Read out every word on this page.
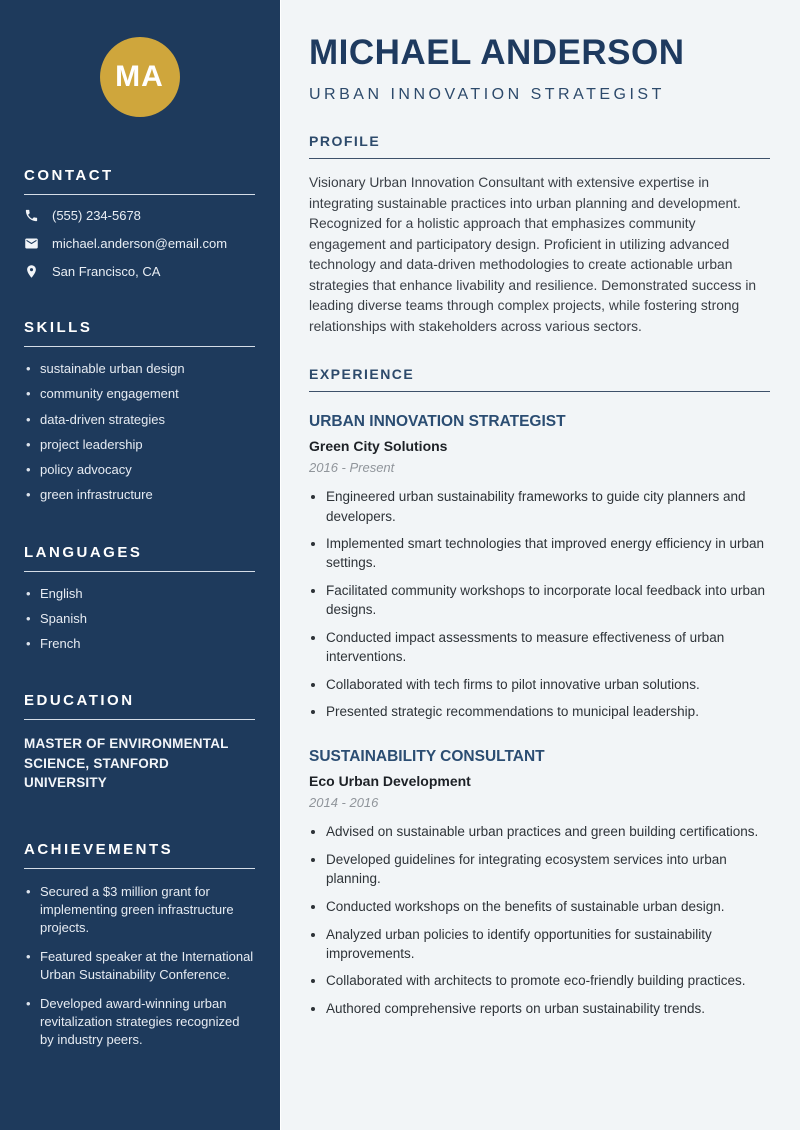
MA
CONTACT
(555) 234-5678
michael.anderson@email.com
San Francisco, CA
SKILLS
• sustainable urban design
• community engagement
• data-driven strategies
• project leadership
• policy advocacy
• green infrastructure
LANGUAGES
• English
• Spanish
• French
EDUCATION
MASTER OF ENVIRONMENTAL SCIENCE, STANFORD UNIVERSITY
ACHIEVEMENTS
• Secured a $3 million grant for implementing green infrastructure projects.
• Featured speaker at the International Urban Sustainability Conference.
• Developed award-winning urban revitalization strategies recognized by industry peers.
MICHAEL ANDERSON
URBAN INNOVATION STRATEGIST
PROFILE

Visionary Urban Innovation Consultant with extensive expertise in integrating sustainable practices into urban planning and development. Recognized for a holistic approach that emphasizes community engagement and participatory design. Proficient in utilizing advanced technology and data-driven methodologies to create actionable urban strategies that enhance livability and resilience. Demonstrated success in leading diverse teams through complex projects, while fostering strong relationships with stakeholders across various sectors.

EXPERIENCE
URBAN INNOVATION STRATEGIST
Green City Solutions
2016 - Present
• Engineered urban sustainability frameworks to guide city planners and developers.
• Implemented smart technologies that improved energy efficiency in urban settings.
• Facilitated community workshops to incorporate local feedback into urban designs.
• Conducted impact assessments to measure effectiveness of urban interventions.
• Collaborated with tech firms to pilot innovative urban solutions.
• Presented strategic recommendations to municipal leadership.
SUSTAINABILITY CONSULTANT
Eco Urban Development
2014 - 2016
• Advised on sustainable urban practices and green building certifications.
• Developed guidelines for integrating ecosystem services into urban planning.
• Conducted workshops on the benefits of sustainable urban design.
• Analyzed urban policies to identify opportunities for sustainability improvements.
• Collaborated with architects to promote eco-friendly building practices.
• Authored comprehensive reports on urban sustainability trends.
